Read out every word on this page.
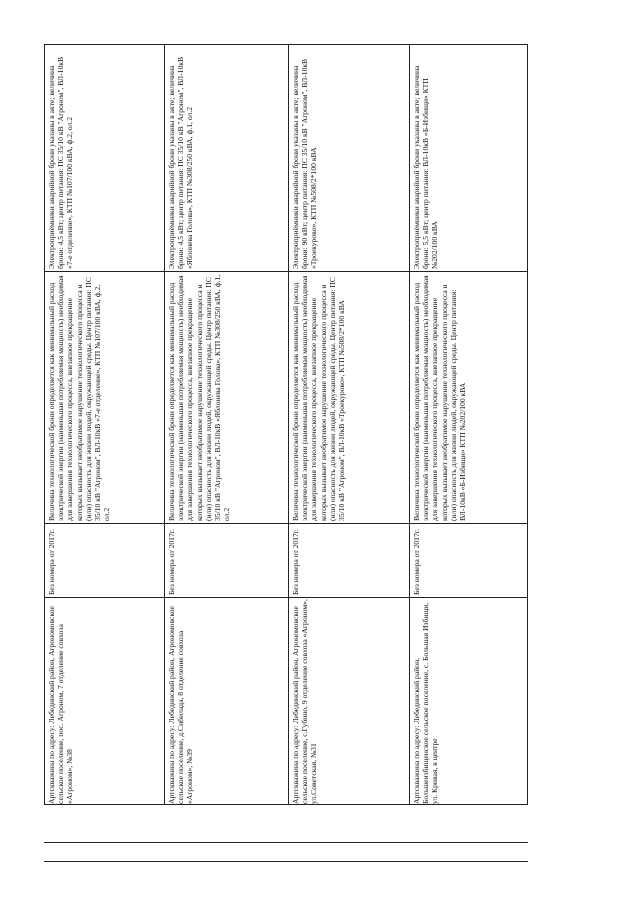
Электроприёмники аварийной брони указаны в акте; величина брони: 4,5 кВт; центр питания: ПС 35/10 кВ "Агроном", ВЛ-10кВ «7-е отделение», КТП №107/100 кВА, ф.2, ол.2
Величина технологической брони определяется как минимальный расход электрической энергии (наименьшая потребляемая мощность) необходимая для завершения технологического процесса, внезапное прекращение которых вызывает необратимое нарушение технологического процесса и (или) опасность для жизни людей, окружающей среды. Центр питания: ПС 35/10 кВ "Агроном", ВЛ-10кВ «7-е отделение», КТП №107/100 кВА, ф.2, ол.2
Без номера от 2017г.
Артскважина по адресу: Лебединский район, Агрономовское сельское поселение, пос. Агроном, 7 отделение совхоза «Агроном», №38
Электроприёмники аварийной брони указаны в акте; величина брони: 4,5 кВт; центр питания: ПС 35/10 кВ "Агроном", ВЛ-10кВ «Яблонева Голова», КТП №308/250 кВА, ф.1, ол.2
Величина технологической брони определяется как минимальный расход электрической энергии (наименьшая потребляемая мощность) необходимая для завершения технологического процесса, внезапное прекращение которых вызывает необратимое нарушение технологического процесса и (или) опасность для жизни людей, окружающей среды. Центр питания: ПС 35/10 кВ "Агроном", ВЛ-10кВ «Яблонева Голова», КТП №308/250 кВА, ф.1, ол.2
Без номера от 2017г.
Артскважина по адресу: Лебединский район, Агрономовское сельское поселение, д.Сибилада, 8 отделение совхоза «Агроном», №39
Электроприёмники аварийной брони указаны в акте; величина брони: 90 кВт; центр питания: ПС 35/10 кВ "Агроном", ВЛ-10кВ «Троекурово», КТП №508/2*100 кВА
Величина технологической брони определяется как минимальный расход электрической энергии (наименьшая потребляемая мощность) необходимая для завершения технологического процесса, внезапное прекращение которых вызывает необратимое нарушение технологического процесса и (или) опасность для жизни людей, окружающей среды. Центр питания: ПС 35/10 кВ "Агроном", ВЛ-10кВ «Троекурово», КТП №508/2*100 кВА
Без номера от 2017г.
Артскважина по адресу: Лебединский район, Агрономовское сельское поселение, с.Губино, 9 отделение совхоза «Агроном», ул.Советская, №31
Электроприёмники аварийной брони указаны в акте; величина брони: 5,5 кВт; центр питания: ВЛ-10кВ «Б-Избищи» КТП №202/100 кВА
Величина технологической брони определяется как минимальный расход электрической энергии (наименьшая потребляемая мощность) необходимая для завершения технологического процесса, внезапное прекращение которых вызывает необратимое нарушение технологического процесса и (или) опасность для жизни людей, окружающей среды. Центр питания: ВЛ-10кВ «Б-Избищи» КТП №202/100 кВА
Без номера от 2017г.
Артскважина по адресу: Лебединский район, Большеизбищенское сельское поселение, с. Большая Избищи, ул. Кривая, в центре
